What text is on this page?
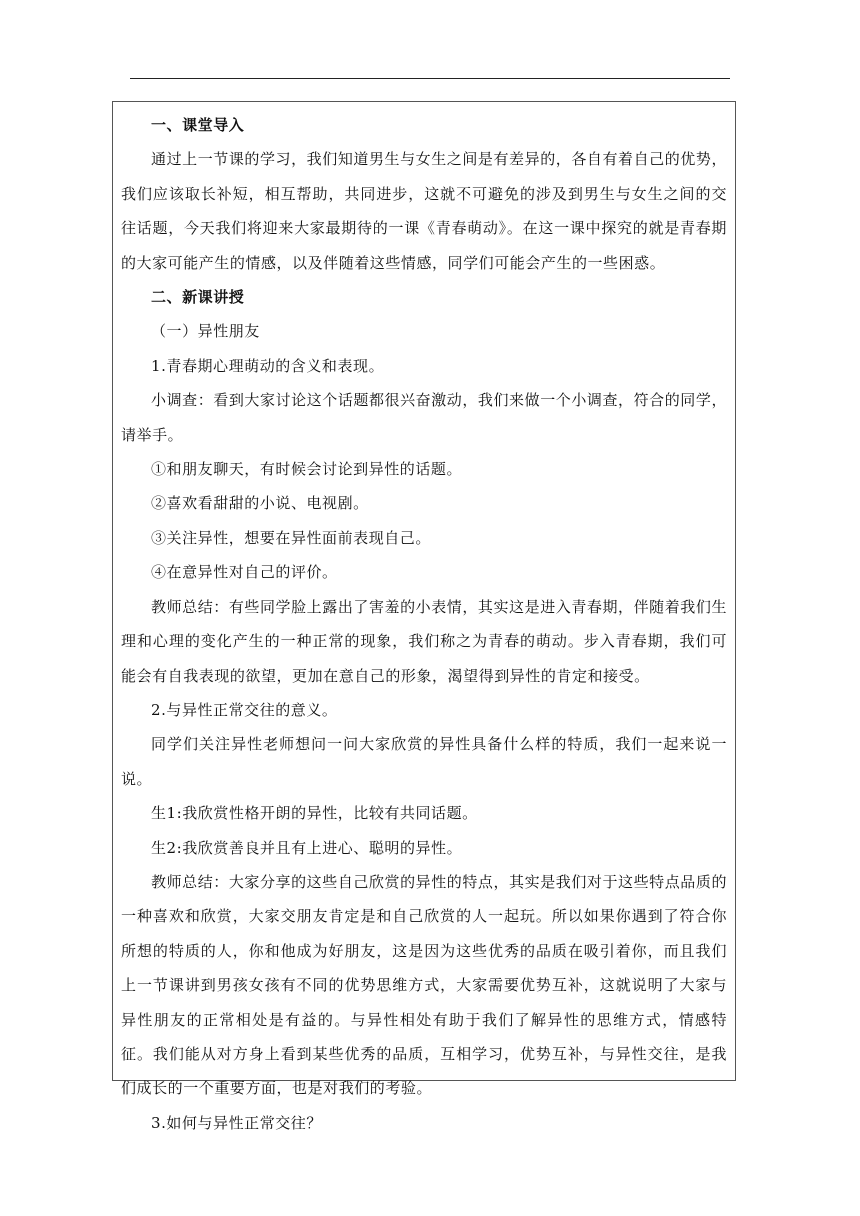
一、课堂导入

通过上一节课的学习，我们知道男生与女生之间是有差异的，各自有着自己的优势，我们应该取长补短，相互帮助，共同进步，这就不可避免的涉及到男生与女生之间的交往话题，今天我们将迎来大家最期待的一课《青春萌动》。在这一课中探究的就是青春期的大家可能产生的情感，以及伴随着这些情感，同学们可能会产生的一些困惑。

二、新课讲授

（一）异性朋友

1.青春期心理萌动的含义和表现。

小调查：看到大家讨论这个话题都很兴奋激动，我们来做一个小调查，符合的同学，请举手。

①和朋友聊天，有时候会讨论到异性的话题。

②喜欢看甜甜的小说、电视剧。

③关注异性，想要在异性面前表现自己。

④在意异性对自己的评价。

教师总结：有些同学脸上露出了害羞的小表情，其实这是进入青春期，伴随着我们生理和心理的变化产生的一种正常的现象，我们称之为青春的萌动。步入青春期，我们可能会有自我表现的欲望，更加在意自己的形象，渴望得到异性的肯定和接受。

2.与异性正常交往的意义。

同学们关注异性老师想问一问大家欣赏的异性具备什么样的特质，我们一起来说一说。

生1:我欣赏性格开朗的异性，比较有共同话题。

生2:我欣赏善良并且有上进心、聪明的异性。

教师总结：大家分享的这些自己欣赏的异性的特点，其实是我们对于这些特点品质的一种喜欢和欣赏，大家交朋友肯定是和自己欣赏的人一起玩。所以如果你遇到了符合你所想的特质的人，你和他成为好朋友，这是因为这些优秀的品质在吸引着你，而且我们上一节课讲到男孩女孩有不同的优势思维方式，大家需要优势互补，这就说明了大家与异性朋友的正常相处是有益的。与异性相处有助于我们了解异性的思维方式，情感特征。我们能从对方身上看到某些优秀的品质，互相学习，优势互补，与异性交往，是我们成长的一个重要方面，也是对我们的考验。

3.如何与异性正常交往？
